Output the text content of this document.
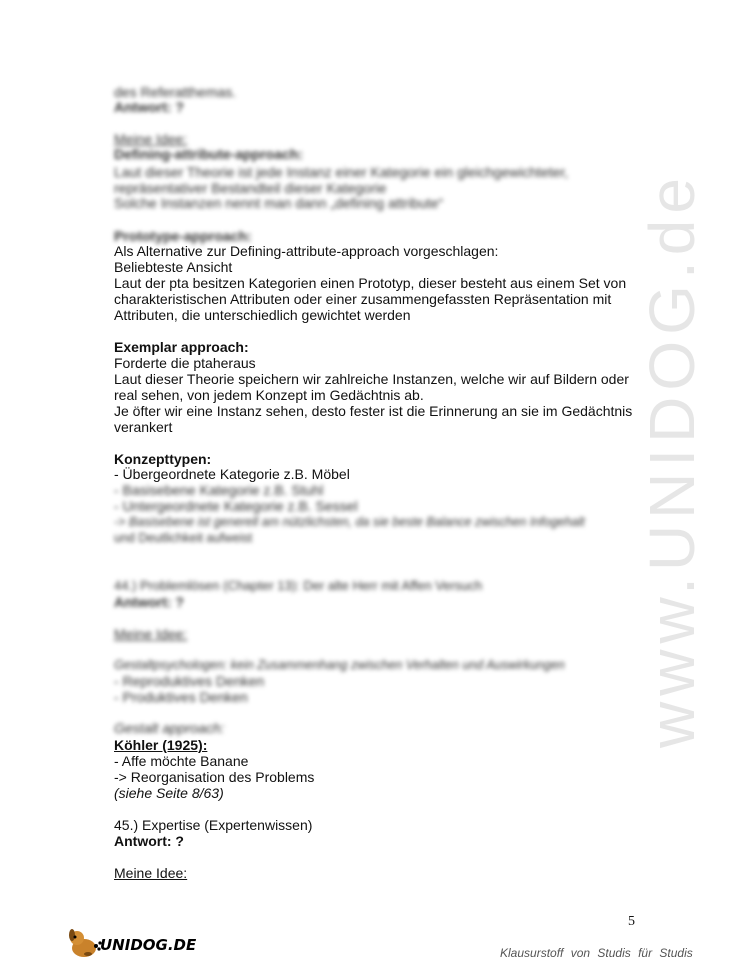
www.UNIDOG.de
des Referatthemas.
Antwort: ?
Meine Idee:
Defining-attribute-approach:
Laut dieser Theorie ist jede Instanz einer Kategorie ein gleichgewichteter,
repräsentativer Bestandteil dieser Kategorie
Solche Instanzen nennt man dann „defining attribute“
Prototype-approach:
Als Alternative zur Defining-attribute-approach vorgeschlagen:
Beliebteste Ansicht
Laut der pta besitzen Kategorien einen Prototyp, dieser besteht aus einem Set von
charakteristischen Attributen oder einer zusammengefassten Repräsentation mit
Attributen, die unterschiedlich gewichtet werden
Exemplar approach:
Forderte die ptaheraus
Laut dieser Theorie speichern wir zahlreiche Instanzen, welche wir auf Bildern oder
real sehen, von jedem Konzept im Gedächtnis ab.
Je öfter wir eine Instanz sehen, desto fester ist die Erinnerung an sie im Gedächtnis
verankert
Konzepttypen:
- Übergeordnete Kategorie z.B. Möbel
- Basisebene Kategorie z.B. Stuhl
- Untergeordnete Kategorie z.B. Sessel
-> Basisebene ist generell am nützlichsten, da sie beste Balance zwischen Infogehalt
und Deutlichkeit aufweist
44.) Problemlösen (Chapter 13): Der alte Herr mit Affen Versuch
Antwort: ?
Meine Idee:
Gestaltpsychologen: kein Zusammenhang zwischen Verhalten und Auswirkungen
- Reproduktives Denken
- Produktives Denken
Gestalt approach:
Köhler (1925):
- Affe möchte Banane
-> Reorganisation des Problems
(siehe Seite 8/63)
45.) Expertise (Expertenwissen)
Antwort: ?
Meine Idee:
5
UNIDOG.DE	Klausurstoff von Studis für Studis
